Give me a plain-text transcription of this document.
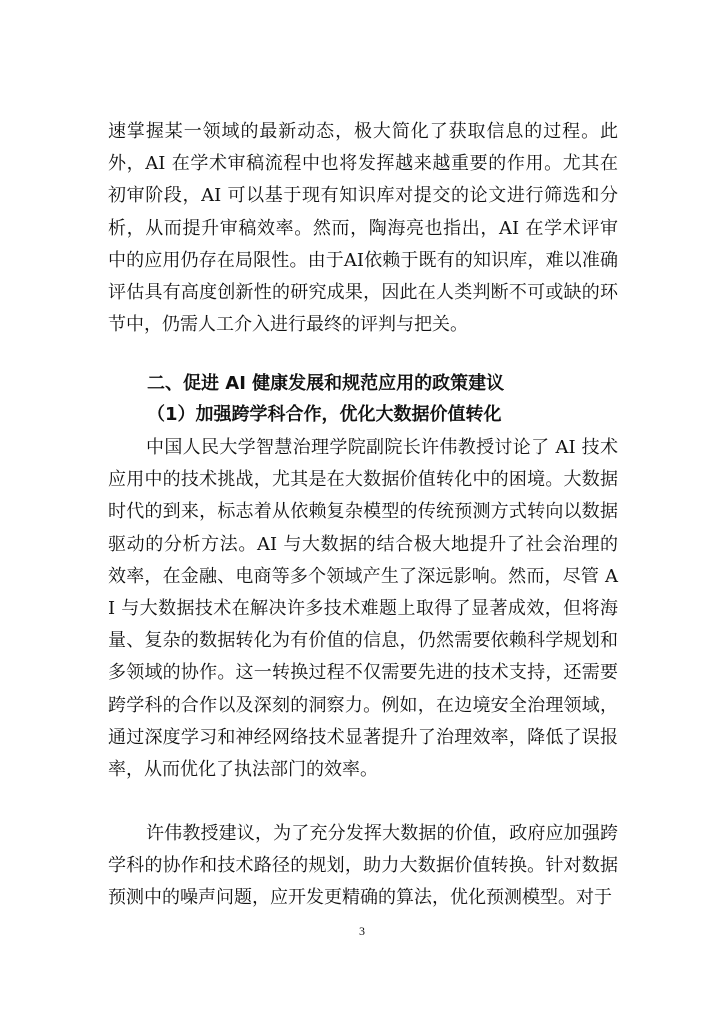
速掌握某一领域的最新动态，极大简化了获取信息的过程。此外，AI 在学术审稿流程中也将发挥越来越重要的作用。尤其在初审阶段，AI 可以基于现有知识库对提交的论文进行筛选和分析，从而提升审稿效率。然而，陶海亮也指出，AI 在学术评审中的应用仍存在局限性。由于AI依赖于既有的知识库，难以准确评估具有高度创新性的研究成果，因此在人类判断不可或缺的环节中，仍需人工介入进行最终的评判与把关。

二、促进 AI 健康发展和规范应用的政策建议
（1）加强跨学科合作，优化大数据价值转化

中国人民大学智慧治理学院副院长许伟教授讨论了 AI 技术应用中的技术挑战，尤其是在大数据价值转化中的困境。大数据时代的到来，标志着从依赖复杂模型的传统预测方式转向以数据驱动的分析方法。AI 与大数据的结合极大地提升了社会治理的效率，在金融、电商等多个领域产生了深远影响。然而，尽管 AI 与大数据技术在解决许多技术难题上取得了显著成效，但将海量、复杂的数据转化为有价值的信息，仍然需要依赖科学规划和多领域的协作。这一转换过程不仅需要先进的技术支持，还需要跨学科的合作以及深刻的洞察力。例如，在边境安全治理领域，通过深度学习和神经网络技术显著提升了治理效率，降低了误报率，从而优化了执法部门的效率。

许伟教授建议，为了充分发挥大数据的价值，政府应加强跨学科的协作和技术路径的规划，助力大数据价值转换。针对数据预测中的噪声问题，应开发更精确的算法，优化预测模型。对于

3
